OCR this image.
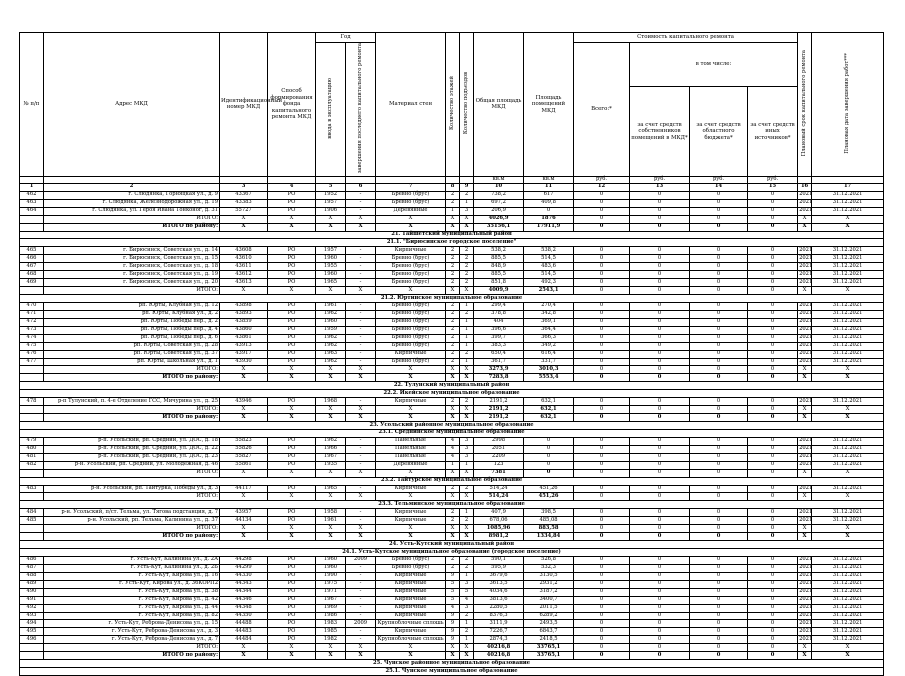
№ п/п	Адрес МКД	Идентификационный номер МКД	Способ формирования фонда капитального ремонта МКД	Год		Материал стен	Количество этажей	Количество подъездов	Общая площадь МКД	Площадь помещений МКД	Стоимость капитального ремонта				Плановый срок капитального ремонта	Плановая дата завершения работ***
				ввода в эксплуатацию	завершения последнего капитального ремонта						Всего:*	в том числе:				
												за счет средств собственников помещений в МКД*	за счет средств областного бюджета*	за счет средств иных источников*		
									кв.м	кв.м	руб.	руб.	руб.	руб.		
1	2	3	4	5	6	7	8	9	10	11	12	13	14	15	16	17
462	г. Слюдянка, Горняцкая ул., д. 9	43367	РО	1952	-	Бревно (брус)	2	2	738,2	617	0	0	0	0	2021	31.12.2021
463	г. Слюдянка, Железнодорожная ул., д. 19	43383	РО	1957	-	Бревно (брус)	2	1	697,2	409,8	0	0	0	0	2021	31.12.2021
464	г. Слюдянка, ул. Героя Ивана Тонконог, д. 31	55727	РО	1906	-	Деревянные	1	3	206,9	0	0	0	0	0	2021	31.12.2021
	ИТОГО:	X	X	X	X	X	X	X	4026,9	1876	0	0	0	0	X	X
	ИТОГО по району:	X	X	X	X	X	X	X	35156,1	17911,9	0	0	0	0	X	X
21. Тайшетский муниципальный район																
21.1. "Бирюсинское городское поселение"																
465	г. Бирюсинск, Советская ул., д. 14	43608	РО	1957	-	Кирпичные	2	2	538,2	538,2	0	0	0	0	2021	31.12.2021
466	г. Бирюсинск, Советская ул., д. 15	43610	РО	1960	-	Бревно (брус)	2	2	885,5	514,5	0	0	0	0	2021	31.12.2021
467	г. Бирюсинск, Советская ул., д. 18	43611	РО	1955	-	Бревно (брус)	2	2	848,9	483,6	0	0	0	0	2021	31.12.2021
468	г. Бирюсинск, Советская ул., д. 19	43612	РО	1960	-	Бревно (брус)	2	2	885,5	514,5	0	0	0	0	2021	31.12.2021
469	г. Бирюсинск, Советская ул., д. 20	43613	РО	1965	-	Бревно (брус)	2	2	851,8	492,3	0	0	0	0	2021	31.12.2021
	ИТОГО:	X	X	X	X	X	X	X	4009,9	2543,1	0	0	0	0	X	X
21.2. Юртинское муниципальное образование																
470	рп. Юрты, Клубная ул., д. 12	43898	РО	1961	-	Бревно (брус)	2	1	299,4	270,4	0	0	0	0	2021	31.12.2021
471	рп. Юрты, Клубная ул., д. 2	43893	РО	1962	-	Бревно (брус)	2	2	378,8	342,8	0	0	0	0	2021	31.12.2021
472	рп. Юрты, Победы пер., д. 2	43859	РО	1960	-	Бревно (брус)	2	1	404	369,1	0	0	0	0	2021	31.12.2021
473	рп. Юрты, Победы пер., д. 4	43860	РО	1959	-	Бревно (брус)	2	1	396,6	364,4	0	0	0	0	2021	31.12.2021
474	рп. Юрты, Победы пер., д. 6	43861	РО	1962	-	Бревно (брус)	2	1	399,7	366,3	0	0	0	0	2021	31.12.2021
475	рп. Юрты, Советская ул., д. 28	43913	РО	1962	-	Бревно (брус)	2	1	383,3	349,2	0	0	0	0	2021	31.12.2021
476	рп. Юрты, Советская ул., д. 37	43917	РО	1963	-	Кирпичные	2	2	650,4	616,4	0	0	0	0	2021	31.12.2021
477	рп. Юрты, Школьная ул., д. 1	43930	РО	1962	-	Бревно (брус)	2	1	361,7	331,7	0	0	0	0	2021	31.12.2021
	ИТОГО:	X	X	X	X	X	X	X	3273,9	3010,3	0	0	0	0	X	X
	ИТОГО по району:	X	X	X	X	X	X	X	7283,8	5553,4	0	0	0	0	X	X
22. Тулунский муниципальный район																
22.2. Икейское муниципальное образование																
478	р-п Тулунский, п. 4-е Отделение ГСС, Мичурина ул., д. 25	43946	РО	1968	-	Кирпичные	2	2	2191,2	632,1	0	0	0	0	2021	31.12.2021
	ИТОГО:	X	X	X	X	X	X	X	2191,2	632,1	0	0	0	0	X	X
	ИТОГО по району:	X	X	X	X	X	X	X	2191,2	632,1	0	0	0	0	X	X
23. Усольский районное муниципальное образование																
23.1. Среднинское муниципальное образование																
479	р-п. Усольский, рп. Средний, ул. ДОС, д. 18	55823	РО	1962	-	Панельные	4	3	2998	0	0	0	0	0	2021	31.12.2021
480	р-п. Усольский, рп. Средний, ул. ДОС, д. 22	55826	РО	1966	-	Панельные	4	3	2051	0	0	0	0	0	2021	31.12.2021
481	р-п. Усольский, рп. Средний, ул. ДОС, д. 23	55827	РО	1967	-	Панельные	4	3	2209	0	0	0	0	0	2021	31.12.2021
482	р-н. Усольский, рп. Средний, ул. Молодежная, д. 46	55861	РО	1935	-	Деревянные	1	1	123	0	0	0	0	0	2021	31.12.2021
	ИТОГО:	X	X	X	X	X	X	X	7381	0	0	0	0	0	X	X
23.2. Тайтурское муниципальное образование																
483	р-н. Усольский, рп. Тайтурка, Победы ул., д. 3	44117	РО	1965	-	Кирпичные	2	2	514,24	451,26	0	0	0	0	2021	31.12.2021
	ИТОГО:	X	X	X	X	X	X	X	514,24	451,26	0	0	0	0	X	X
23.3. Тельминское муниципальное образование																
484	р-н. Усольский, п/ст. Тельма, ул. Тягова подстанция, д. 7	43957	РО	1958	-	Кирпичные	2	1	407,9	398,5	0	0	0	0	2021	31.12.2021
485	р-н. Усольский, рп. Тельма, Калинина ул., д. 37	44134	РО	1961	-	Кирпичные	2	2	678,06	485,08	0	0	0	0	2021	31.12.2021
	ИТОГО:	X	X	X	X	X	X	X	1085,96	883,58	0	0	0	0	X	X
	ИТОГО по району:	X	X	X	X	X	X	X	8981,2	1334,84	0	0	0	0	X	X
24. Усть-Кутский муниципальный район																
24.1. Усть-Кутское муниципальное образование (городское поселение)																
486	г. Усть-Кут, Калинина ул., д. 2А	44298	РО	1960	2009	Бревно (брус)	2	2	590,1	526,8	0	0	0	0	2021	31.12.2021
487	г. Усть-Кут, Калинина ул., д. 2Б	44299	РО	1960	-	Бревно (брус)	2	2	595,9	532,3	0	0	0	0	2021	31.12.2021
488	г. Усть-Кут, Кирова ул., д. 16	44330	РО	1990	-	Кирпичные	9	1	3679,6	3130,5	0	0	0	0	2021	31.12.2021
489	г. Усть-Кут, Кирова ул., д. 36КОРП2	44343	РО	1975	-	Кирпичные	5	3	3613,5	2931,2	0	0	0	0	2021	31.12.2021
490	г. Усть-Кут, Кирова ул., д. 38	44344	РО	1971	-	Кирпичные	5	5	4034,6	3187,2	0	0	0	0	2021	31.12.2021
491	г. Усть-Кут, Кирова ул., д. 42	44346	РО	1967	-	Кирпичные	5	4	3813,6	3400,7	0	0	0	0	2021	31.12.2021
492	г. Усть-Кут, Кирова ул., д. 44	44348	РО	1969	-	Кирпичные	4	3	2280,5	2011,5	0	0	0	0	2021	31.12.2021
493	г. Усть-Кут, Кирова ул., д. 82	44350	РО	1986	-	Кирпичные	9	2	8376,3	6289,2	0	0	0	0	2021	31.12.2021
494	г. Усть-Кут, Реброва-Денисова ул., д. 15	44488	РО	1983	2009	Крупноблочные сплошь	9	1	3111,9	2493,5	0	0	0	0	2021	31.12.2021
495	г. Усть-Кут, Реброва-Денисова ул., д. 3	44483	РО	1985	-	Кирпичные	9	2	7226,7	6843,7	0	0	0	0	2021	31.12.2021
496	г. Усть-Кут, Реброва-Денисова ул., д. 7	44484	РО	1982	-	Крупноблочные сплошь	9	1	2874,3	2418,5	0	0	0	0	2021	31.12.2021
	ИТОГО:	X	X	X	X	X	X	X	40216,8	33765,1	0	0	0	0	X	X
	ИТОГО по району:	X	X	X	X	X	X	X	40216,8	33765,1	0	0	0	0	X	X
25. Чунское районное муниципальное образование																
25.1. Чунское муниципальное образование																
